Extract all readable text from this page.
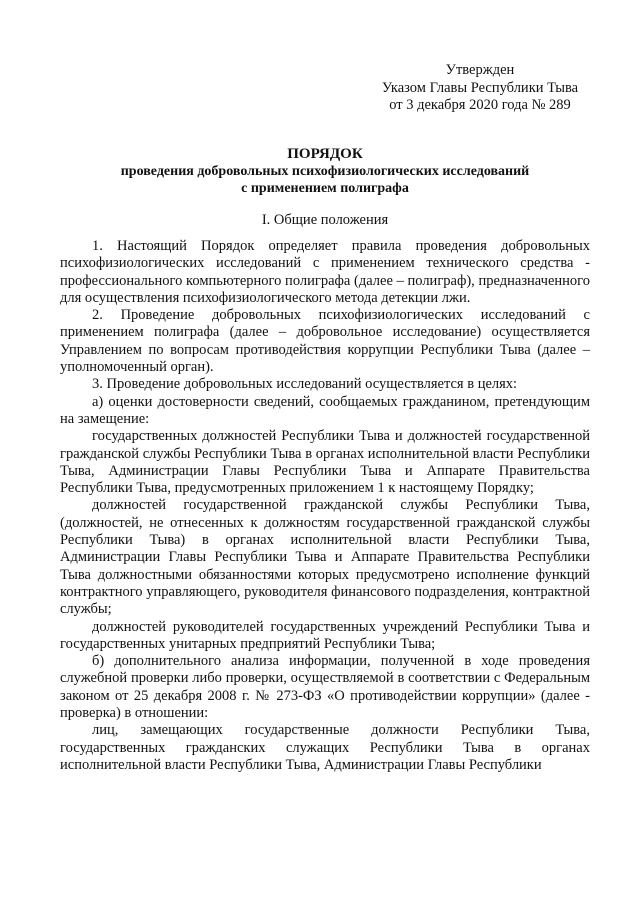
Утвержден
Указом Главы Республики Тыва
от 3 декабря 2020 года № 289
ПОРЯДОК
проведения добровольных психофизиологических исследований
с применением полиграфа
I. Общие положения

1. Настоящий Порядок определяет правила проведения добровольных психофизиологических исследований с применением технического средства - профессионального компьютерного полиграфа (далее – полиграф), предназначенного для осуществления психофизиологического метода детекции лжи.

2. Проведение добровольных психофизиологических исследований с применением полиграфа (далее – добровольное исследование) осуществляется Управлением по вопросам противодействия коррупции Республики Тыва (далее – уполномоченный орган).

3. Проведение добровольных исследований осуществляется в целях:

а) оценки достоверности сведений, сообщаемых гражданином, претендующим на замещение:

государственных должностей Республики Тыва и должностей государственной гражданской службы Республики Тыва в органах исполнительной власти Республики Тыва, Администрации Главы Республики Тыва и Аппарате Правительства Республики Тыва, предусмотренных приложением 1 к настоящему Порядку;

должностей государственной гражданской службы Республики Тыва, (должностей, не отнесенных к должностям государственной гражданской службы Республики Тыва) в органах исполнительной власти Республики Тыва, Администрации Главы Республики Тыва и Аппарате Правительства Республики Тыва должностными обязанностями которых предусмотрено исполнение функций контрактного управляющего, руководителя финансового подразделения, контрактной службы;

должностей руководителей государственных учреждений Республики Тыва и государственных унитарных предприятий Республики Тыва;

б) дополнительного анализа информации, полученной в ходе проведения служебной проверки либо проверки, осуществляемой в соответствии с Федеральным законом от 25 декабря 2008 г. № 273-ФЗ «О противодействии коррупции» (далее - проверка) в отношении:

лиц, замещающих государственные должности Республики Тыва, государственных гражданских служащих Республики Тыва в органах исполнительной власти Республики Тыва, Администрации Главы Республики
